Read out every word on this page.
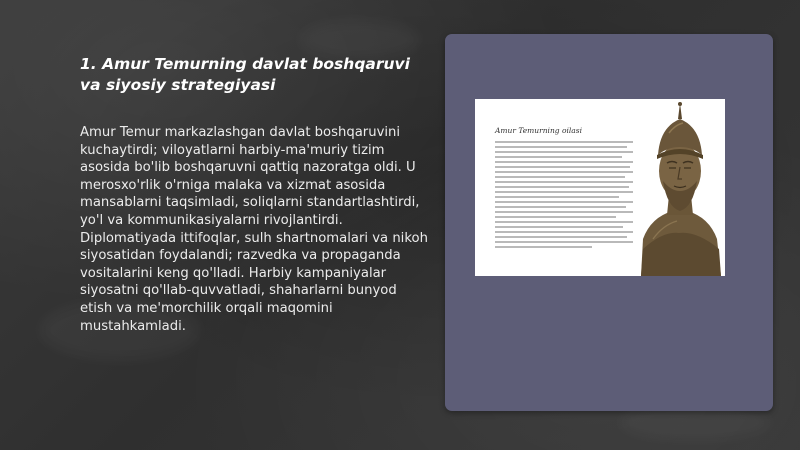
1. Amur Temurning davlat boshqaruvi va siyosiy strategiyasi

Amur Temur markazlashgan davlat boshqaruvini kuchaytirdi; viloyatlarni harbiy-ma'muriy tizim asosida bo'lib boshqaruvni qattiq nazoratga oldi. U merosxo'rlik o'rniga malaka va xizmat asosida mansablarni taqsimladi, soliqlarni standartlashtirdi, yo'l va kommunikasiyalarni rivojlantirdi. Diplomatiyada ittifoqlar, sulh shartnomalari va nikoh siyosatidan foydalandi; razvedka va propaganda vositalarini keng qo'lladi. Harbiy kampaniyalar siyosatni qo'llab-quvvatladi, shaharlarni bunyod etish va me'morchilik orqali maqomini mustahkamladi.

Amur Temurning oilasi
